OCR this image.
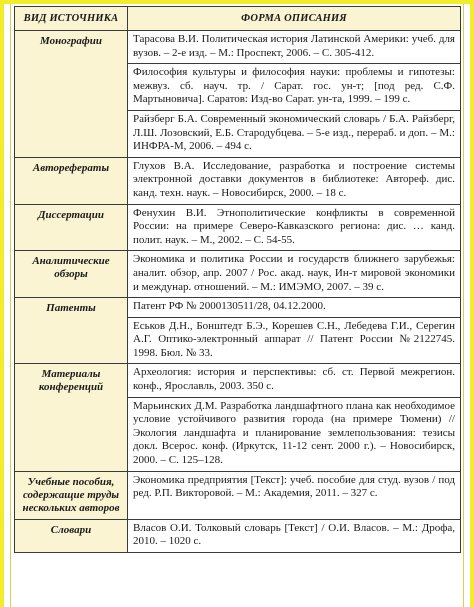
ВИД ИСТОЧНИКА	ФОРМА ОПИСАНИЯ
Монографии	Тарасова В.И. Политическая история Латинской Америки: учеб. для вузов. – 2-е изд. – М.: Проспект, 2006. – С. 305-412.
Философия культуры и философия науки: проблемы и гипотезы: межвуз. сб. науч. тр. / Сарат. гос. ун-т; [под ред. С.Ф. Мартыновича]. Саратов: Изд-во Сарат. ун-та, 1999. – 199 с.
Райзберг Б.А. Современный экономический словарь / Б.А. Райзберг, Л.Ш. Лозовский, Е.Б. Стародубцева. – 5-е изд., перераб. и доп. – М.: ИНФРА-М, 2006. – 494 с.

Авторефераты	Глухов В.А. Исследование, разработка и построение системы электронной доставки документов в библиотеке: Автореф. дис. канд. техн. наук. – Новосибирск, 2000. – 18 с.

Диссертации	Фенухин В.И. Этнополитические конфликты в современной России: на примере Северо-Кавказского региона: дис. … канд. полит. наук. – М., 2002. – С. 54-55.

Аналитические обзоры	Экономика и политика России и государств ближнего зарубежья: аналит. обзор, апр. 2007 / Рос. акад. наук, Ин-т мировой экономики и междунар. отношений. – М.: ИМЭМО, 2007. – 39 с.

Патенты	Патент РФ № 2000130511/28, 04.12.2000.
Еськов Д.Н., Бонштедт Б.Э., Корешев С.Н., Лебедева Г.И., Серегин А.Г. Оптико-электронный аппарат // Патент России №2122745. 1998. Бюл. № 33.

Материалы конференций	Археология: история и перспективы: сб. ст. Первой межрегион. конф., Ярославль, 2003. 350 с.
Марьинских Д.М. Разработка ландшафтного плана как необходимое условие устойчивого развития города (на примере Тюмени) // Экология ландшафта и планирование землепользования: тезисы докл. Всерос. конф. (Иркутск, 11-12 сент. 2000 г.). – Новосибирск, 2000. – С. 125–128.

Учебные пособия, содержащие труды нескольких авторов	Экономика предприятия [Текст]: учеб. пособие для студ. вузов / под ред. Р.П. Викторовой. – М.: Академия, 2011. – 327 с.

Словари	Власов О.И. Толковый словарь [Текст] / О.И. Власов. – М.: Дрофа, 2010. – 1020 с.
